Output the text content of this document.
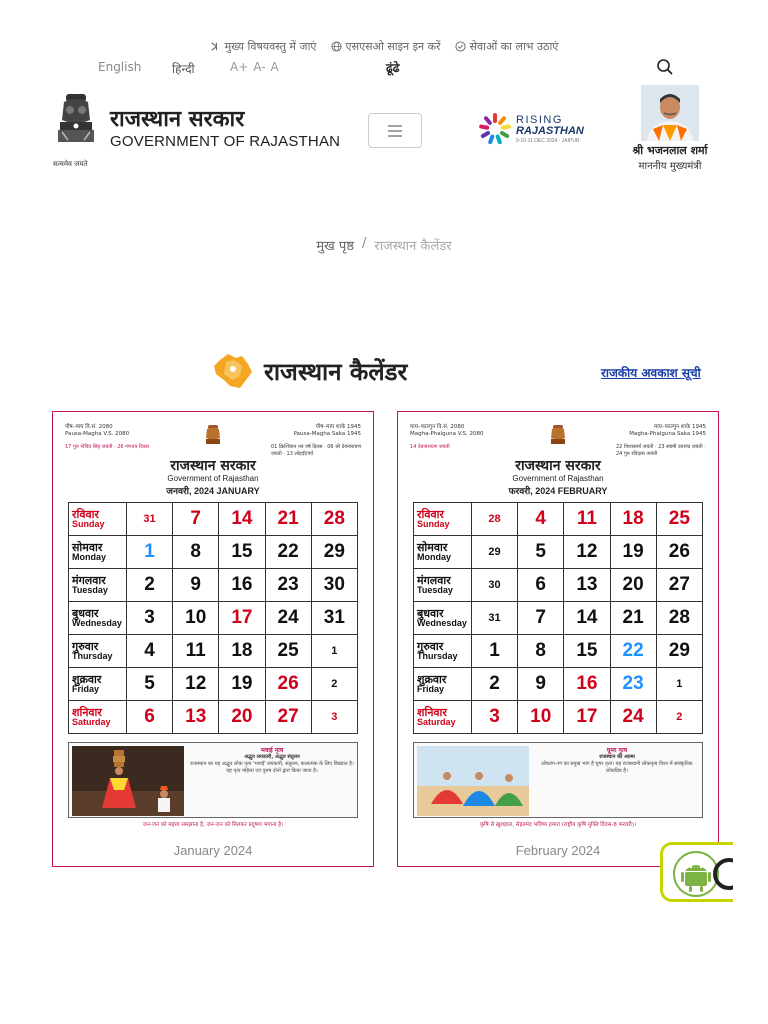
मुख्य विषयवस्तु में जाएं	एसएसओ साइन इन करें	सेवाओं का लाभ उठाएं
English	हिन्दी	A+ A- A	ढूंढे
सत्यमेव जयते
राजस्थान सरकार
GOVERNMENT OF RAJASTHAN
RISING
RAJASTHAN
9-10-11 DEC 2024 · JAIPUR
श्री भजनलाल शर्मा
माननीय मुख्यमंत्री
मुख पृष्ठ / राजस्थान कैलेंडर
राजस्थान कैलेंडर	राजकीय अवकाश सूची
पौष–माघ वि.सं. 2080
Pausa-Magha V.S. 2080
पौष–माघ शाके 1945
Pausa-Magha Saka 1945
17 गुरु गोविंद सिंह जयंती · 26 गणतंत्र दिवस	01 क्रिश्चियन नव वर्ष दिवस · 06 श्री देवनारायण जयंती · 13 लोहड़ी/पर्व
राजस्थान सरकार
Government of Rajasthan
जनवरी, 2024 JANUARY
रविवार
Sunday	31	7	14	21	28

सोमवार
Monday	1	8	15	22	29

मंगलवार
Tuesday	2	9	16	23	30

बुधवार
Wednesday	3	10	17	24	31

गुरुवार
Thursday	4	11	18	25	1

शुक्रवार
Friday	5	12	19	26	2

शनिवार
Saturday	6	13	20	27	3
भवाई नृत्य
अद्भुत लयकारी, अद्भुत संतुलन
राजस्थान का यह अद्भुत लोक नृत्य 'भवाई' लयकारी, संतुलन, कलात्मक के लिए विख्यात है। यह नृत्य महिला एवं पुरुष दोनों द्वारा किया जाता है।
जन-जन को महत्त्व समझाना है, जन-जन को मिलकर प्रदूषण भगाना है।
January 2024
माघ–फाल्गुन वि.सं. 2080
Magha-Phalguna V.S. 2080
माघ–फाल्गुन शाके 1945
Magha-Phalguna Saka 1945
14 देवनारायण जयंती	22 विश्वकर्मा जयंती · 23 स्वामी दयानंद जयंती · 24 गुरु रविदास जयंती
राजस्थान सरकार
Government of Rajasthan
फरवरी, 2024 FEBRUARY
रविवार
Sunday	28	4	11	18	25

सोमवार
Monday	29	5	12	19	26

मंगलवार
Tuesday	30	6	13	20	27

बुधवार
Wednesday	31	7	14	21	28

गुरुवार
Thursday	1	8	15	22	29

शुक्रवार
Friday	2	9	16	23	1

शनिवार
Saturday	3	10	17	24	2
घूमर नृत्य
राजस्थान की आत्मा
लोकरंग–रंग का प्रमुख भाग है घूमर नृत्य। यह राजस्थानी लोकनृत्य विश्व में सांस्कृतिक लोकप्रिय है।
कृषि से ख़ुशहाल, सेहतमंद भविष्य हमारा (राष्ट्रीय कृषि मुक्ति दिवस-8 फरवरी)।
February 2024
